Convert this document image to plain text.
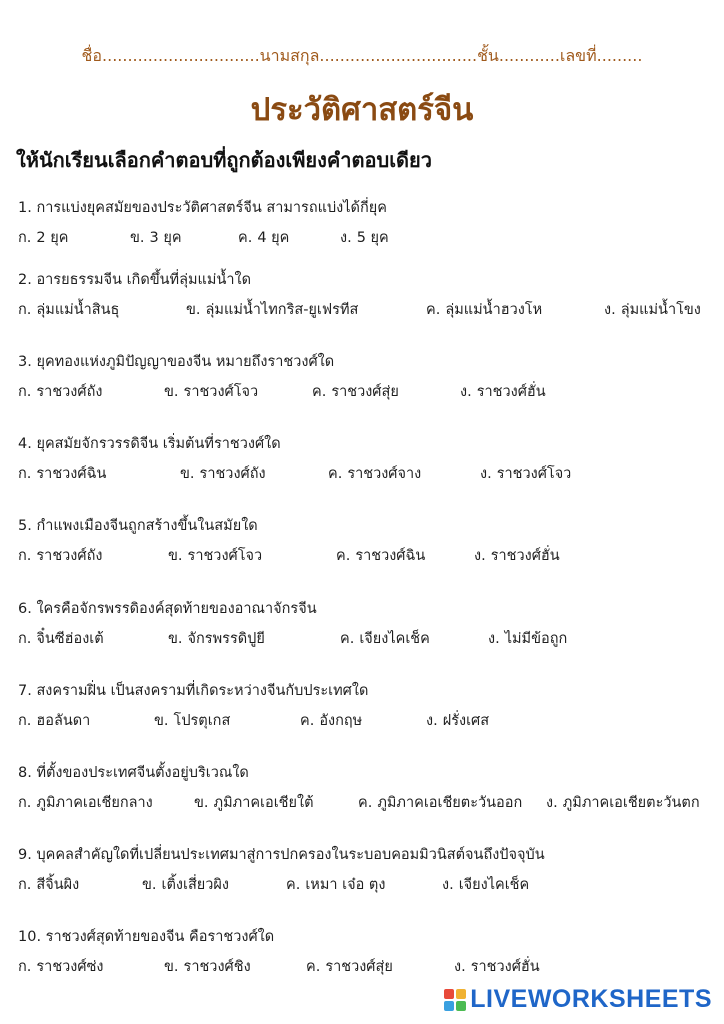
ชื่อ...............................นามสกุล...............................ชั้น............เลขที่.........
ประวัติศาสตร์จีน
ให้นักเรียนเลือกคำตอบที่ถูกต้องเพียงคำตอบเดียว
1. การแบ่งยุคสมัยของประวัติศาสตร์จีน สามารถแบ่งได้กี่ยุค
ก. 2 ยุค	ข. 3 ยุค	ค. 4 ยุค	ง. 5 ยุค
2. อารยธรรมจีน เกิดขึ้นที่ลุ่มแม่น้ำใด
ก. ลุ่มแม่น้ำสินธุ	ข. ลุ่มแม่น้ำไทกริส-ยูเฟรทีส	ค. ลุ่มแม่น้ำฮวงโห	ง. ลุ่มแม่น้ำโขง
3. ยุคทองแห่งภูมิปัญญาของจีน หมายถึงราชวงศ์ใด
ก. ราชวงศ์ถัง	ข. ราชวงศ์โจว	ค. ราชวงศ์สุ่ย	ง. ราชวงศ์ฮั่น
4. ยุคสมัยจักรวรรดิจีน เริ่มต้นที่ราชวงศ์ใด
ก. ราชวงศ์ฉิน	ข. ราชวงศ์ถัง	ค. ราชวงศ์จาง	ง. ราชวงศ์โจว
5. กำแพงเมืองจีนถูกสร้างขึ้นในสมัยใด
ก. ราชวงศ์ถัง	ข. ราชวงศ์โจว	ค. ราชวงศ์ฉิน	ง. ราชวงศ์ฮั่น
6. ใครคือจักรพรรดิองค์สุดท้ายของอาณาจักรจีน
ก. จิ๋นซีฮ่องเต้	ข. จักรพรรดิปูยี	ค. เจียงไคเช็ค	ง. ไม่มีข้อถูก
7. สงครามฝิ่น เป็นสงครามที่เกิดระหว่างจีนกับประเทศใด
ก. ฮอลันดา	ข. โปรตุเกส	ค. อังกฤษ	ง. ฝรั่งเศส
8. ที่ตั้งของประเทศจีนตั้งอยู่บริเวณใด
ก. ภูมิภาคเอเชียกลาง	ข. ภูมิภาคเอเชียใต้	ค. ภูมิภาคเอเชียตะวันออก ง. ภูมิภาคเอเชียตะวันตก
9. บุคคลสำคัญใดที่เปลี่ยนประเทศมาสู่การปกครองในระบอบคอมมิวนิสต์จนถึงปัจจุบัน
ก. สีจิ้นผิง	ข. เติ้งเสี่ยวผิง	ค. เหมา เจ๋อ ตุง	ง. เจียงไคเช็ค
10. ราชวงศ์สุดท้ายของจีน คือราชวงศ์ใด
ก. ราชวงศ์ซ่ง	ข. ราชวงศ์ชิง	ค. ราชวงศ์สุ่ย	ง. ราชวงศ์ฮั่น
LIVEWORKSHEETS
